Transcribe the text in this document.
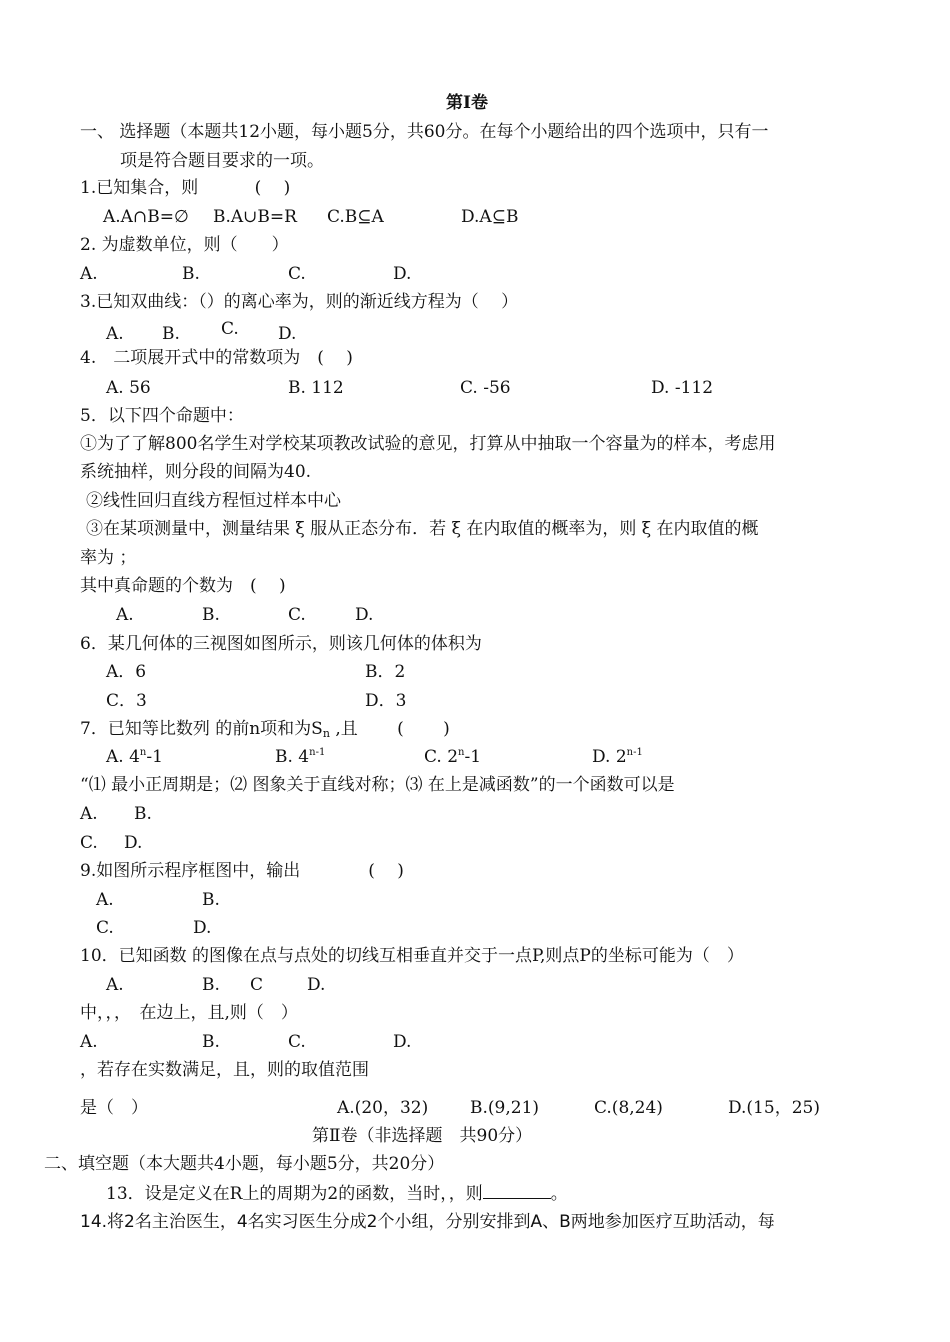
第Ⅰ卷
一、 选择题（本题共12小题，每小题5分，共60分。在每个小题给出的四个选项中，只有一
项是符合题目要求的一项。
1.已知集合，则　　　 (　 )
A.A∩B=∅ B.A∪B=R C.B⊆A	D.A⊆B
2. 为虚数单位，则（　　）
A.	B.	C.	D.
3.已知双曲线：（）的离心率为，则的渐近线方程为（　 ）
A. B. C. D.
4.　二项展开式中的常数项为　(　 )
A. 56	B. 112	C. -56	D. -112
5．以下四个命题中：
①为了了解800名学生对学校某项教改试验的意见，打算从中抽取一个容量为的样本，考虑用
系统抽样，则分段的间隔为40.
②线性回归直线方程恒过样本中心
③在某项测量中，测量结果 ξ 服从正态分布．若 ξ 在内取值的概率为，则 ξ 在内取值的概
率为 ；
其中真命题的个数为　(　 )
A.	B.	C.	D.
6．某几何体的三视图如图所示，则该几何体的体积为
A．6	B．2
C．3	D．3
7．已知等比数列 的前n项和为Sn ,且　　 (　　 )
A. 4$^n$-1	B. 4$^{n-1}$	C. 2$^n$-1	D. 2$^{n-1}$
“⑴ 最小正周期是；⑵ 图象关于直线对称；⑶ 在上是减函数”的一个函数可以是
A. B.
C. D.
9.如图所示程序框图中，输出　　　　(　 )
A.	B.
C.	D.
10．已知函数 的图像在点与点处的切线互相垂直并交于一点P,则点P的坐标可能为（　）
A.	B. C	D.
中，，，　在边上，且,则（　）
A.	B.	C.	D.
，若存在实数满足，且，则的取值范围
是（　）	A.(20，32) B.(9,21)	C.(8,24)	D.(15，25)
第Ⅱ卷（非选择题　共90分）
二、填空题（本大题共4小题，每小题5分，共20分）
13．设是定义在R上的周期为2的函数，当时，，则	。
14.将2名主治医生，4名实习医生分成2个小组，分别安排到A、B两地参加医疗互助活动，每
